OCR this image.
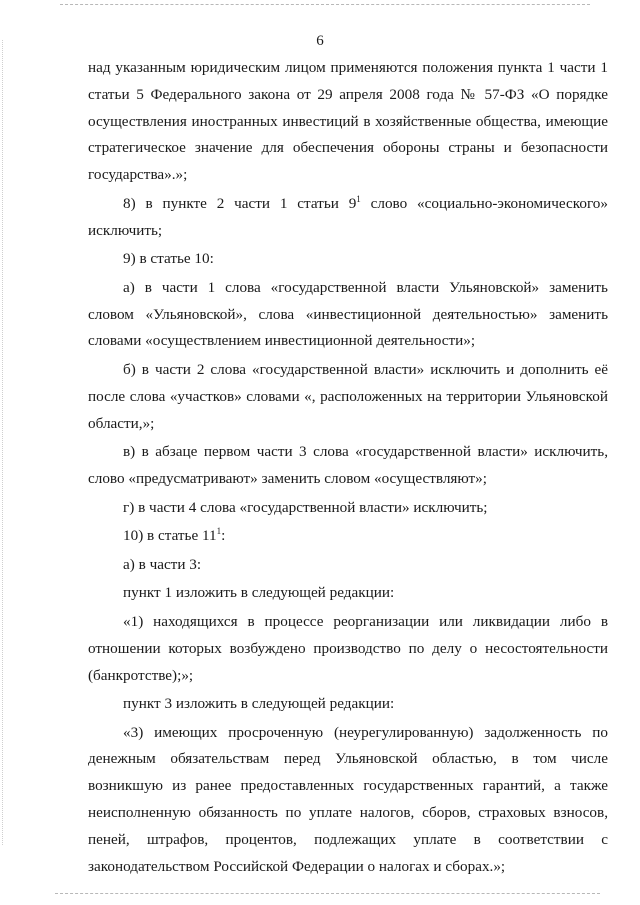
6

над указанным юридическим лицом применяются положения пункта 1 части 1 статьи 5 Федерального закона от 29 апреля 2008 года № 57-ФЗ «О порядке осуществления иностранных инвестиций в хозяйственные общества, имеющие стратегическое значение для обеспечения обороны страны и безопасности государства».»;

8) в пункте 2 части 1 статьи $9^1$ слово «социально-экономического» исключить;

9) в статье 10:

а) в части 1 слова «государственной власти Ульяновской» заменить словом «Ульяновской», слова «инвестиционной деятельностью» заменить словами «осуществлением инвестиционной деятельности»;

б) в части 2 слова «государственной власти» исключить и дополнить её после слова «участков» словами «, расположенных на территории Ульяновской области,»;

в) в абзаце первом части 3 слова «государственной власти» исключить, слово «предусматривают» заменить словом «осуществляют»;

г) в части 4 слова «государственной власти» исключить;

10) в статье $11^1$:

а) в части 3:

пункт 1 изложить в следующей редакции:

«1) находящихся в процессе реорганизации или ликвидации либо в отношении которых возбуждено производство по делу о несостоятельности (банкротстве);»;

пункт 3 изложить в следующей редакции:

«3) имеющих просроченную (неурегулированную) задолженность по денежным обязательствам перед Ульяновской областью, в том числе возникшую из ранее предоставленных государственных гарантий, а также неисполненную обязанность по уплате налогов, сборов, страховых взносов, пеней, штрафов, процентов, подлежащих уплате в соответствии с законодательством Российской Федерации о налогах и сборах.»;
